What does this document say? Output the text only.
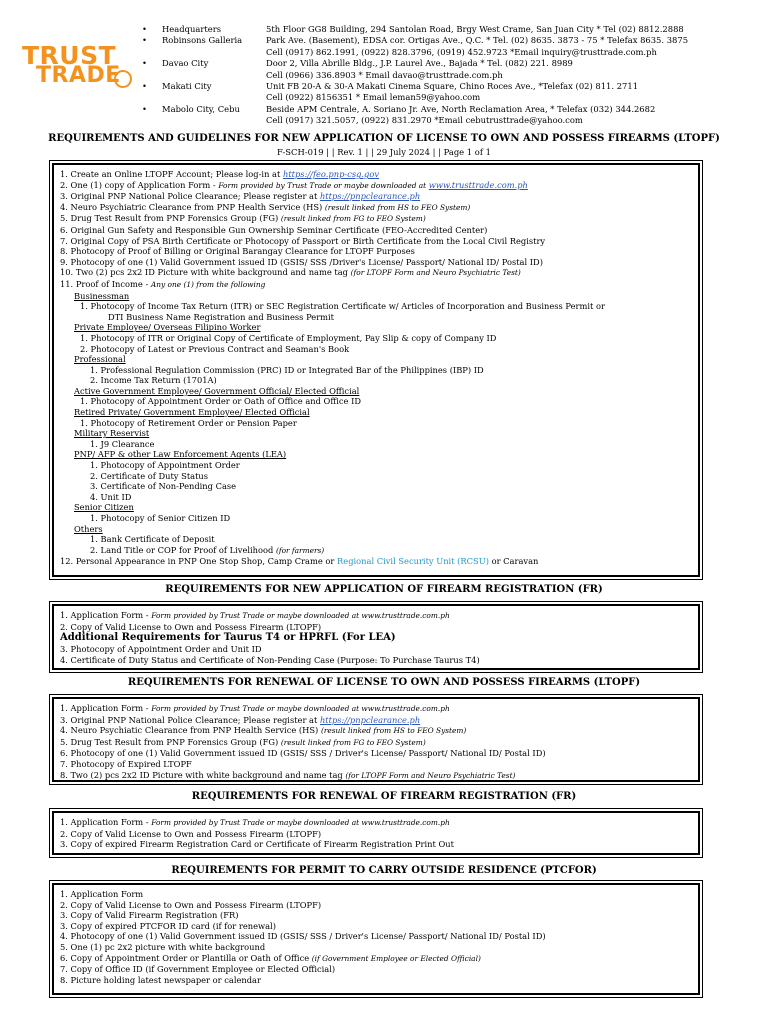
TRUST
TRADE
•	Headquarters	5th Floor GG8 Building, 294 Santolan Road, Brgy West Crame, San Juan City * Tel (02) 8812.2888
•	Robinsons Galleria	Park Ave. (Basement), EDSA cor. Ortigas Ave., Q.C. * Tel. (02) 8635. 3873 - 75 * Telefax 8635. 3875
Cell (0917) 862.1991, (0922) 828.3796, (0919) 452.9723 *Email inquiry@trusttrade.com.ph
•	Davao City	Door 2, Villa Abrille Bldg., J.P. Laurel Ave., Bajada * Tel. (082) 221. 8989
Cell (0966) 336.8903 * Email davao@trusttrade.com.ph
•	Makati City	Unit FB 20-A & 30-A Makati Cinema Square, Chino Roces Ave., *Telefax (02) 811. 2711
Cell (0922) 8156351 * Email leman59@yahoo.com
•	Mabolo City, Cebu	Beside APM Centrale, A. Soriano Jr. Ave, North Reclamation Area, * Telefax (032) 344.2682
Cell (0917) 321.5057, (0922) 831.2970 *Email cebutrusttrade@yahoo.com
REQUIREMENTS AND GUIDELINES FOR NEW APPLICATION OF LICENSE TO OWN AND POSSESS FIREARMS (LTOPF)
F-SCH-019 | | Rev. 1 | | 29 July 2024 | | Page 1 of 1
1. Create an Online LTOPF Account; Please log-in at https://feo.pnp-csg.gov
2. One (1) copy of Application Form - Form provided by Trust Trade or maybe downloaded at www.trusttrade.com.ph
3. Original PNP National Police Clearance; Please register at https://pnpclearance.ph
4. Neuro Psychiatric Clearance from PNP Health Service (HS) (result linked from HS to FEO System)
5. Drug Test Result from PNP Forensics Group (FG) (result linked from FG to FEO System)
6. Original Gun Safety and Responsible Gun Ownership Seminar Certificate (FEO-Accredited Center)
7. Original Copy of PSA Birth Certificate or Photocopy of Passport or Birth Certificate from the Local Civil Registry
8. Photocopy of Proof of Billing or Original Barangay Clearance for LTOPF Purposes
9. Photocopy of one (1) Valid Government issued ID (GSIS/ SSS /Driver's License/ Passport/ National ID/ Postal ID)
10. Two (2) pcs 2x2 ID Picture with white background and name tag (for LTOPF Form and Neuro Psychiatric Test)
11. Proof of Income - Any one (1) from the following
Businessman
1. Photocopy of Income Tax Return (ITR) or SEC Registration Certificate w/ Articles of Incorporation and Business Permit or
DTI Business Name Registration and Business Permit
Private Employee/ Overseas Filipino Worker
1. Photocopy of ITR or Original Copy of Certificate of Employment, Pay Slip & copy of Company ID
2. Photocopy of Latest or Previous Contract and Seaman's Book
Professional
1. Professional Regulation Commission (PRC) ID or Integrated Bar of the Philippines (IBP) ID
2. Income Tax Return (1701A)
Active Government Employee/ Government Official/ Elected Official
1. Photocopy of Appointment Order or Oath of Office and Office ID
Retired Private/ Government Employee/ Elected Official
1. Photocopy of Retirement Order or Pension Paper
Military Reservist
1. J9 Clearance
PNP/ AFP & other Law Enforcement Agents (LEA)
1. Photocopy of Appointment Order
2. Certificate of Duty Status
3. Certificate of Non-Pending Case
4. Unit ID
Senior Citizen
1. Photocopy of Senior Citizen ID
Others
1. Bank Certificate of Deposit
2. Land Title or COP for Proof of Livelihood (for farmers)
12. Personal Appearance in PNP One Stop Shop, Camp Crame or Regional Civil Security Unit (RCSU) or Caravan
REQUIREMENTS FOR NEW APPLICATION OF FIREARM REGISTRATION (FR)
1. Application Form - Form provided by Trust Trade or maybe downloaded at www.trusttrade.com.ph
2. Copy of Valid License to Own and Possess Firearm (LTOPF)
Additional Requirements for Taurus T4 or HPRFL (For LEA)
3. Photocopy of Appointment Order and Unit ID
4. Certificate of Duty Status and Certificate of Non-Pending Case (Purpose: To Purchase Taurus T4)
REQUIREMENTS FOR RENEWAL OF LICENSE TO OWN AND POSSESS FIREARMS (LTOPF)
1. Application Form - Form provided by Trust Trade or maybe downloaded at www.trusttrade.com.ph
3. Original PNP National Police Clearance; Please register at https://pnpclearance.ph
4. Neuro Psychiatic Clearance from PNP Health Service (HS) (result linked from HS to FEO System)
5. Drug Test Result from PNP Forensics Group (FG) (result linked from FG to FEO System)
6. Photocopy of one (1) Valid Government issued ID (GSIS/ SSS / Driver's License/ Passport/ National ID/ Postal ID)
7. Photocopy of Expired LTOPF
8. Two (2) pcs 2x2 ID Picture with white background and name tag (for LTOPF Form and Neuro Psychiatric Test)
REQUIREMENTS FOR RENEWAL OF FIREARM REGISTRATION (FR)
1. Application Form - Form provided by Trust Trade or maybe downloaded at www.trusttrade.com.ph
2. Copy of Valid License to Own and Possess Firearm (LTOPF)
3. Copy of expired Firearm Registration Card or Certificate of Firearm Registration Print Out
REQUIREMENTS FOR PERMIT TO CARRY OUTSIDE RESIDENCE (PTCFOR)
1. Application Form
2. Copy of Valid License to Own and Possess Firearm (LTOPF)
3. Copy of Valid Firearm Registration (FR)
3. Copy of expired PTCFOR ID card (if for renewal)
4. Photocopy of one (1) Valid Government issued ID (GSIS/ SSS / Driver's License/ Passport/ National ID/ Postal ID)
5. One (1) pc 2x2 picture with white background
6. Copy of Appointment Order or Plantilla or Oath of Office (if Government Employee or Elected Official)
7. Copy of Office ID (if Government Employee or Elected Official)
8. Picture holding latest newspaper or calendar
